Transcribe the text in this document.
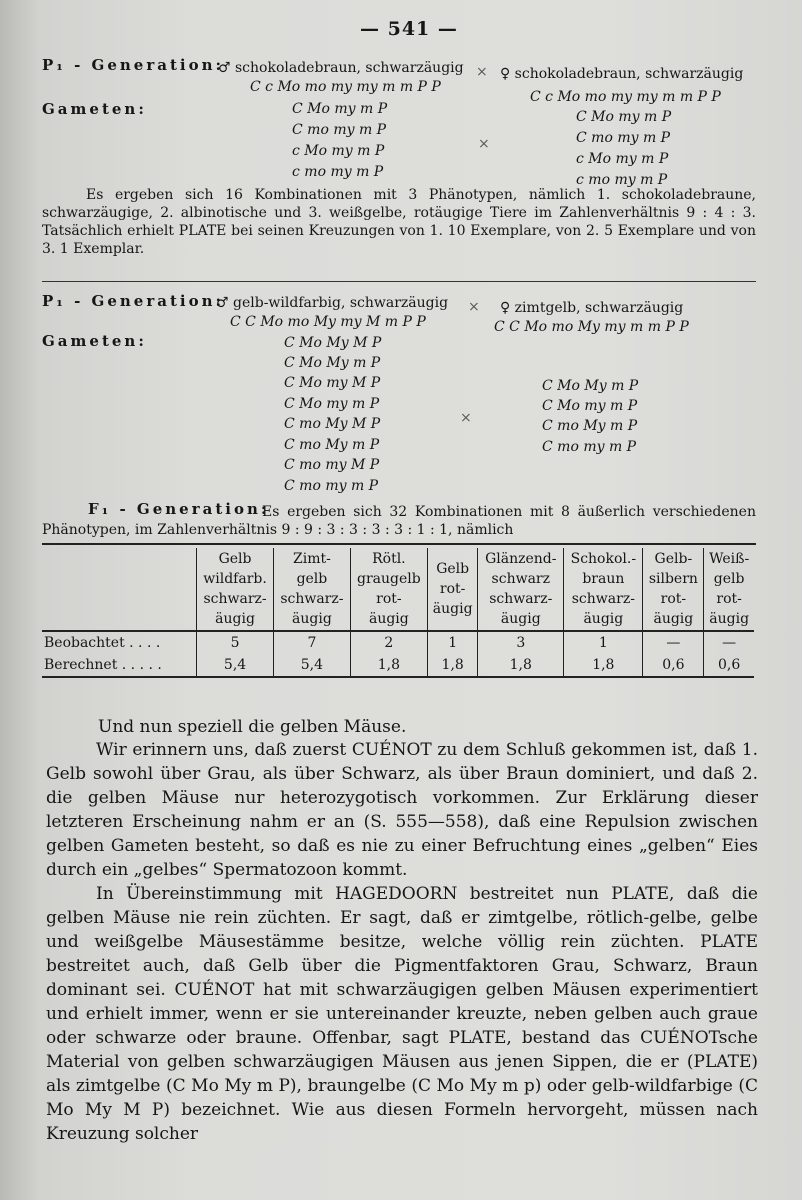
— 541 —
P₁ - Generation:
♂ schokoladebraun, schwarzäugig × ♀ schokoladebraun, schwarzäugig
C c Mo mo my my m m P P
C c Mo mo my my m m P P
Gameten:	C Mo my m P
C mo my m P
c Mo my m P
c mo my m P
×
C Mo my m P
C mo my m P
c Mo my m P
c mo my m P
Es ergeben sich 16 Kombinationen mit 3 Phänotypen, nämlich 1. schokoladebraune, schwarzäugige, 2. albinotische und 3. weißgelbe, rotäugige Tiere im Zahlenverhältnis 9 : 4 : 3. Tatsächlich erhielt PLATE bei seinen Kreuzungen von 1. 10 Exemplare, von 2. 5 Exemplare und von 3. 1 Exemplar.
P₁ - Generation:
♂ gelb-wildfarbig, schwarzäugig × ♀ zimtgelb, schwarzäugig
C C Mo mo My my M m P P	C C Mo mo My my m m P P
Gameten:	C Mo My M P
C Mo My m P
C Mo my M P
C Mo my m P
C mo My M P
C mo My m P
C mo my M P
C mo my m P
×
C Mo My m P
C Mo my m P
C mo My m P
C mo my m P
F₁ - Generation:
Es ergeben sich 32 Kombinationen mit 8 äußerlich verschiedenen Phänotypen, im Zahlenverhältnis 9 : 9 : 3 : 3 : 3 : 3 : 1 : 1, nämlich
	Gelb
wildfarb.
schwarz-
äugig	Zimt-
gelb
schwarz-
äugig	Rötl.
graugelb
rot-
äugig	Gelb
rot-
äugig	Glänzend-
schwarz
schwarz-
äugig	Schokol.-
braun
schwarz-
äugig	Gelb-
silbern
rot-
äugig	Weiß-
gelb
rot-
äugig
Beobachtet . . . .	5	7	2	1	3	1	—	—
Berechnet . . . . .	5,4	5,4	1,8	1,8	1,8	1,8	0,6	0,6
Und nun speziell die gelben Mäuse.
Wir erinnern uns, daß zuerst CUÉNOT zu dem Schluß gekommen ist, daß 1. Gelb sowohl über Grau, als über Schwarz, als über Braun dominiert, und daß 2. die gelben Mäuse nur heterozygotisch vorkommen. Zur Erklärung dieser letzteren Erscheinung nahm er an (S. 555—558), daß eine Repulsion zwischen gelben Gameten besteht, so daß es nie zu einer Befruchtung eines „gelben“ Eies durch ein „gelbes“ Spermatozoon kommt.
In Übereinstimmung mit HAGEDOORN bestreitet nun PLATE, daß die gelben Mäuse nie rein züchten. Er sagt, daß er zimtgelbe, rötlich-gelbe, gelbe und weißgelbe Mäusestämme besitze, welche völlig rein züchten. PLATE bestreitet auch, daß Gelb über die Pigmentfaktoren Grau, Schwarz, Braun dominant sei. CUÉNOT hat mit schwarzäugigen gelben Mäusen experimentiert und erhielt immer, wenn er sie untereinander kreuzte, neben gelben auch graue oder schwarze oder braune. Offenbar, sagt PLATE, bestand das CUÉNOTsche Material von gelben schwarzäugigen Mäusen aus jenen Sippen, die er (PLATE) als zimtgelbe (C Mo My m P), braungelbe (C Mo My m p) oder gelb-wildfarbige (C Mo My M P) bezeichnet. Wie aus diesen Formeln hervorgeht, müssen nach Kreuzung solcher
